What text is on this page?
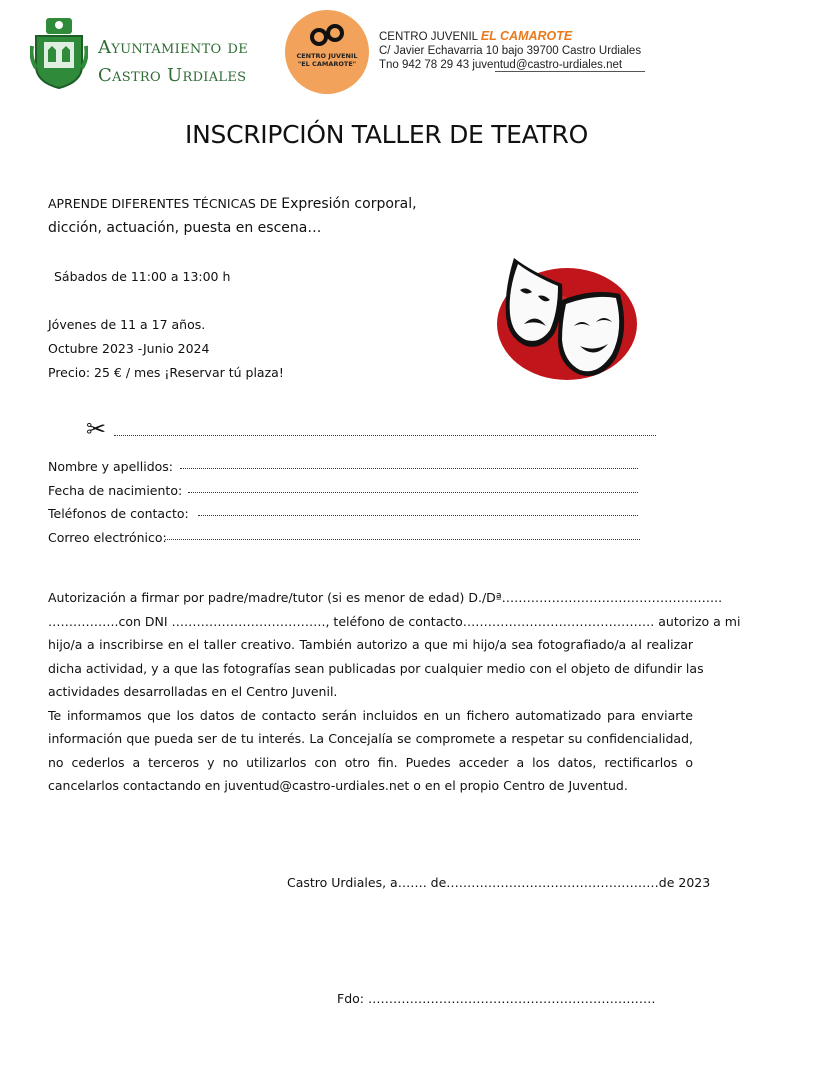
Ayuntamiento de
Castro Urdiales
CENTRO JUVENIL
"EL CAMAROTE"
CENTRO JUVENIL EL CAMAROTE
C/ Javier Echavarria 10 bajo 39700 Castro Urdiales
Tno 942 78 29 43 juventud@castro-urdiales.net
INSCRIPCIÓN TALLER DE TEATRO
APRENDE DIFERENTES TÉCNICAS DE Expresión corporal,
dicción, actuación, puesta en escena…
Sábados de 11:00 a 13:00 h
Jóvenes de 11 a 17 años.
Octubre 2023 -Junio 2024
Precio: 25 € / mes ¡Reservar tú plaza!
✂
Nombre y apellidos:
Fecha de nacimiento:
Teléfonos de contacto:
Correo electrónico:
Autorización a firmar por padre/madre/tutor (si es menor de edad) D./Dª……………………………………………..
……………..con DNI ………………………………., teléfono de contacto………………………………………. autorizo a mi
hijo/a a inscribirse en el taller creativo. También autorizo a que mi hijo/a sea fotografiado/a al realizar
dicha actividad, y a que las fotografías sean publicadas por cualquier medio con el objeto de difundir las
actividades desarrolladas en el Centro Juvenil.
Te informamos que los datos de contacto serán incluidos en un fichero automatizado para enviarte
información que pueda ser de tu interés. La Concejalía se compromete a respetar su confidencialidad,
no cederlos a terceros y no utilizarlos con otro fin. Puedes acceder a los datos, rectificarlos o
cancelarlos contactando en juventud@castro-urdiales.net o en el propio Centro de Juventud.
Castro Urdiales, a……. de……………………………………………de 2023
Fdo: ……………………………………………………………
